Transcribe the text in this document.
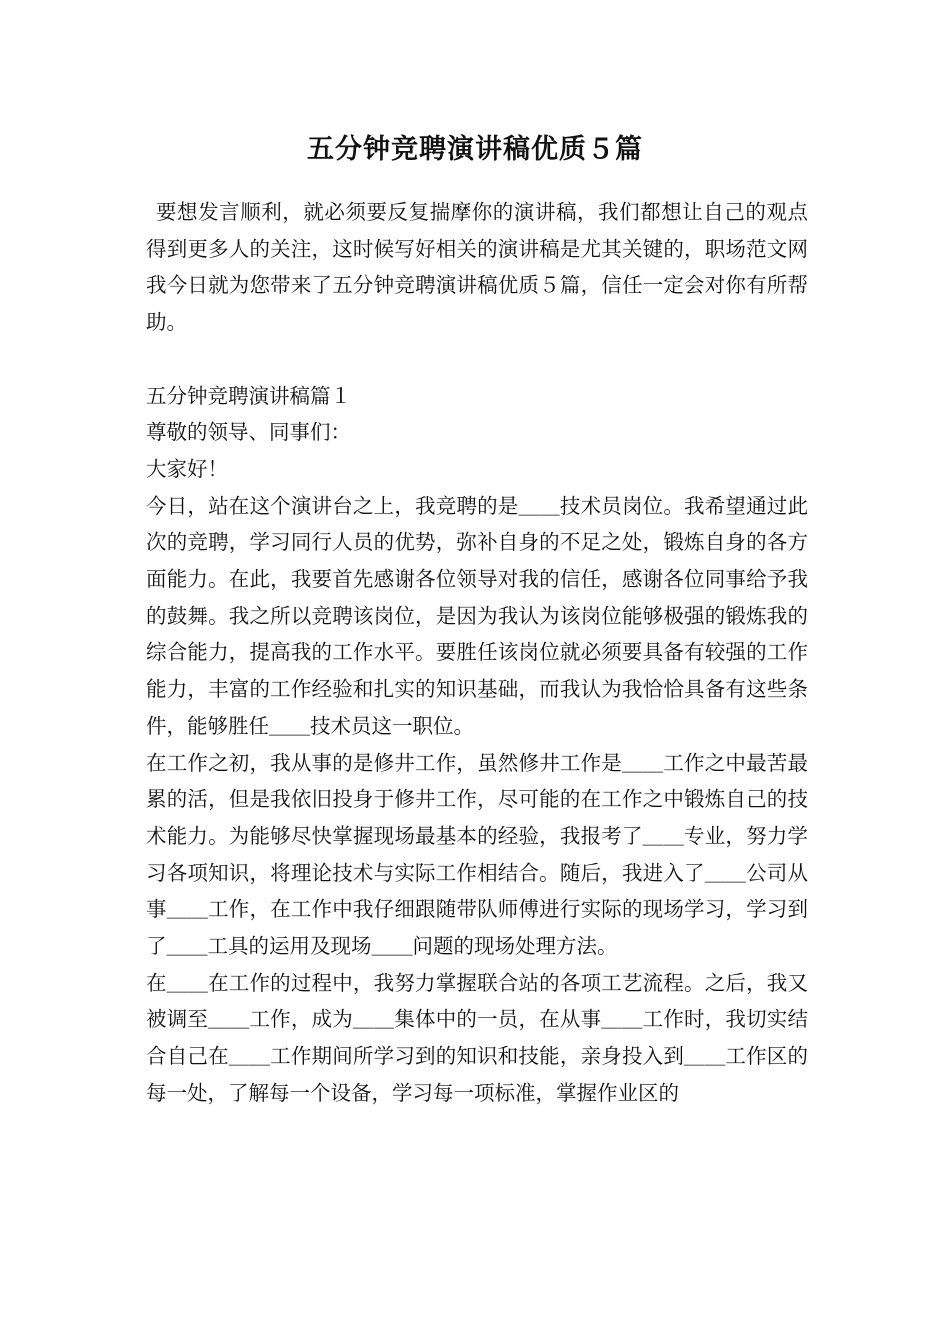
五分钟竞聘演讲稿优质５篇

要想发言顺利，就必须要反复揣摩你的演讲稿，我们都想让自己的观点得到更多人的关注，这时候写好相关的演讲稿是尤其关键的，职场范文网我今日就为您带来了五分钟竞聘演讲稿优质５篇，信任一定会对你有所帮助。

五分钟竞聘演讲稿篇１

尊敬的领导、同事们：

大家好！

今日，站在这个演讲台之上，我竞聘的是＿＿技术员岗位。我希望通过此次的竞聘，学习同行人员的优势，弥补自身的不足之处，锻炼自身的各方面能力。在此，我要首先感谢各位领导对我的信任，感谢各位同事给予我的鼓舞。我之所以竞聘该岗位，是因为我认为该岗位能够极强的锻炼我的综合能力，提高我的工作水平。要胜任该岗位就必须要具备有较强的工作能力，丰富的工作经验和扎实的知识基础，而我认为我恰恰具备有这些条件，能够胜任＿＿技术员这一职位。

在工作之初，我从事的是修井工作，虽然修井工作是＿＿工作之中最苦最累的活，但是我依旧投身于修井工作，尽可能的在工作之中锻炼自己的技术能力。为能够尽快掌握现场最基本的经验，我报考了＿＿专业，努力学习各项知识，将理论技术与实际工作相结合。随后，我进入了＿＿公司从事＿＿工作，在工作中我仔细跟随带队师傅进行实际的现场学习，学习到了＿＿工具的运用及现场＿＿问题的现场处理方法。

在＿＿在工作的过程中，我努力掌握联合站的各项工艺流程。之后，我又被调至＿＿工作，成为＿＿集体中的一员，在从事＿＿工作时，我切实结合自己在＿＿工作期间所学习到的知识和技能，亲身投入到＿＿工作区的每一处，了解每一个设备，学习每一项标准，掌握作业区的
